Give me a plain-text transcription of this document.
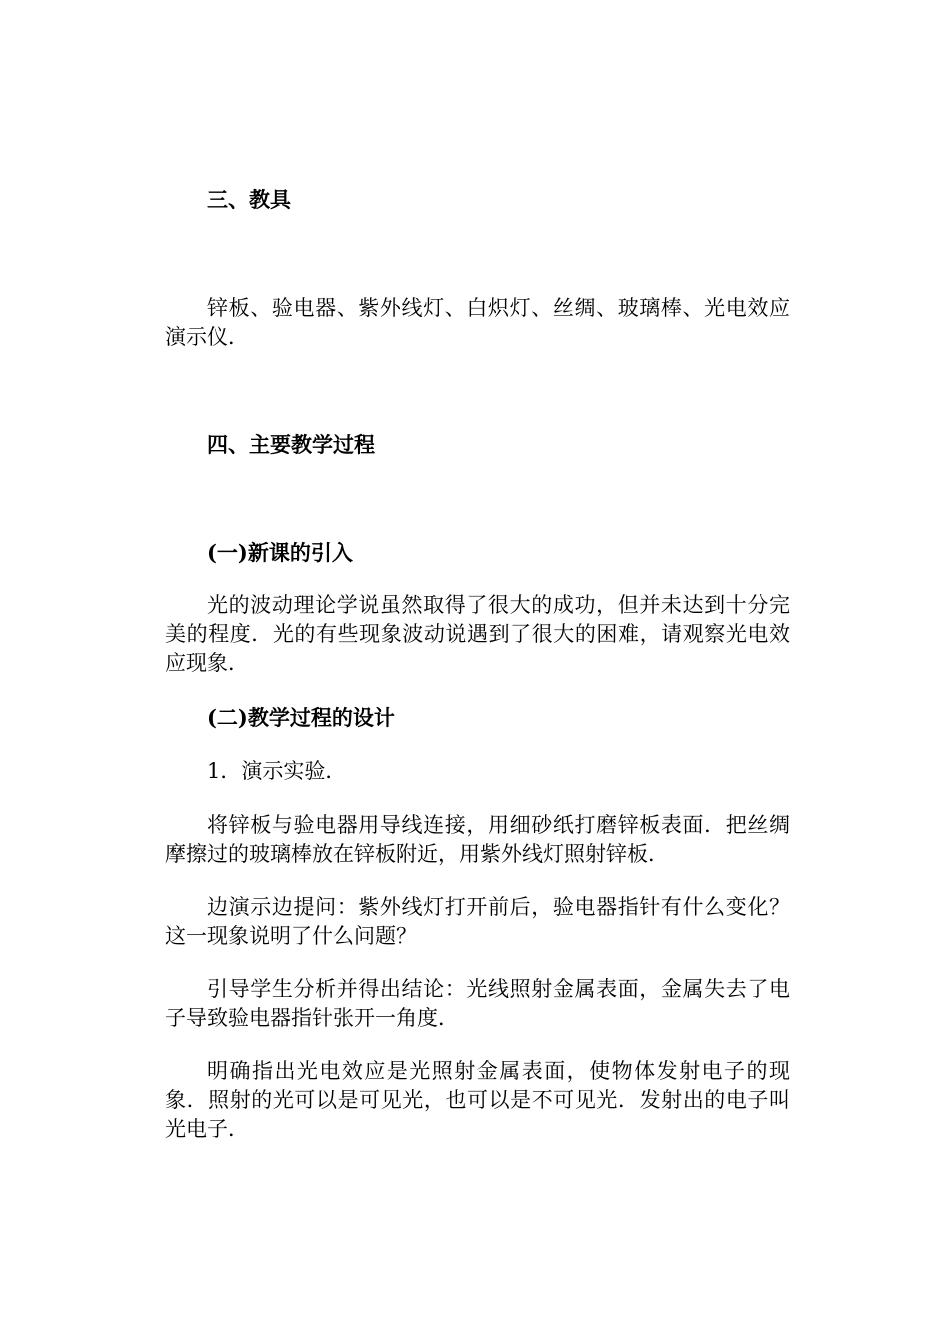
三、教具

锌板、验电器、紫外线灯、白炽灯、丝绸、玻璃棒、光电效应演示仪．

四、主要教学过程

(一)新课的引入

光的波动理论学说虽然取得了很大的成功，但并未达到十分完美的程度．光的有些现象波动说遇到了很大的困难，请观察光电效应现象．

(二)教学过程的设计

1．演示实验．

将锌板与验电器用导线连接，用细砂纸打磨锌板表面．把丝绸摩擦过的玻璃棒放在锌板附近，用紫外线灯照射锌板．

边演示边提问：紫外线灯打开前后，验电器指针有什么变化？这一现象说明了什么问题？

引导学生分析并得出结论：光线照射金属表面，金属失去了电子导致验电器指针张开一角度．

明确指出光电效应是光照射金属表面，使物体发射电子的现象．照射的光可以是可见光，也可以是不可见光．发射出的电子叫光电子．
